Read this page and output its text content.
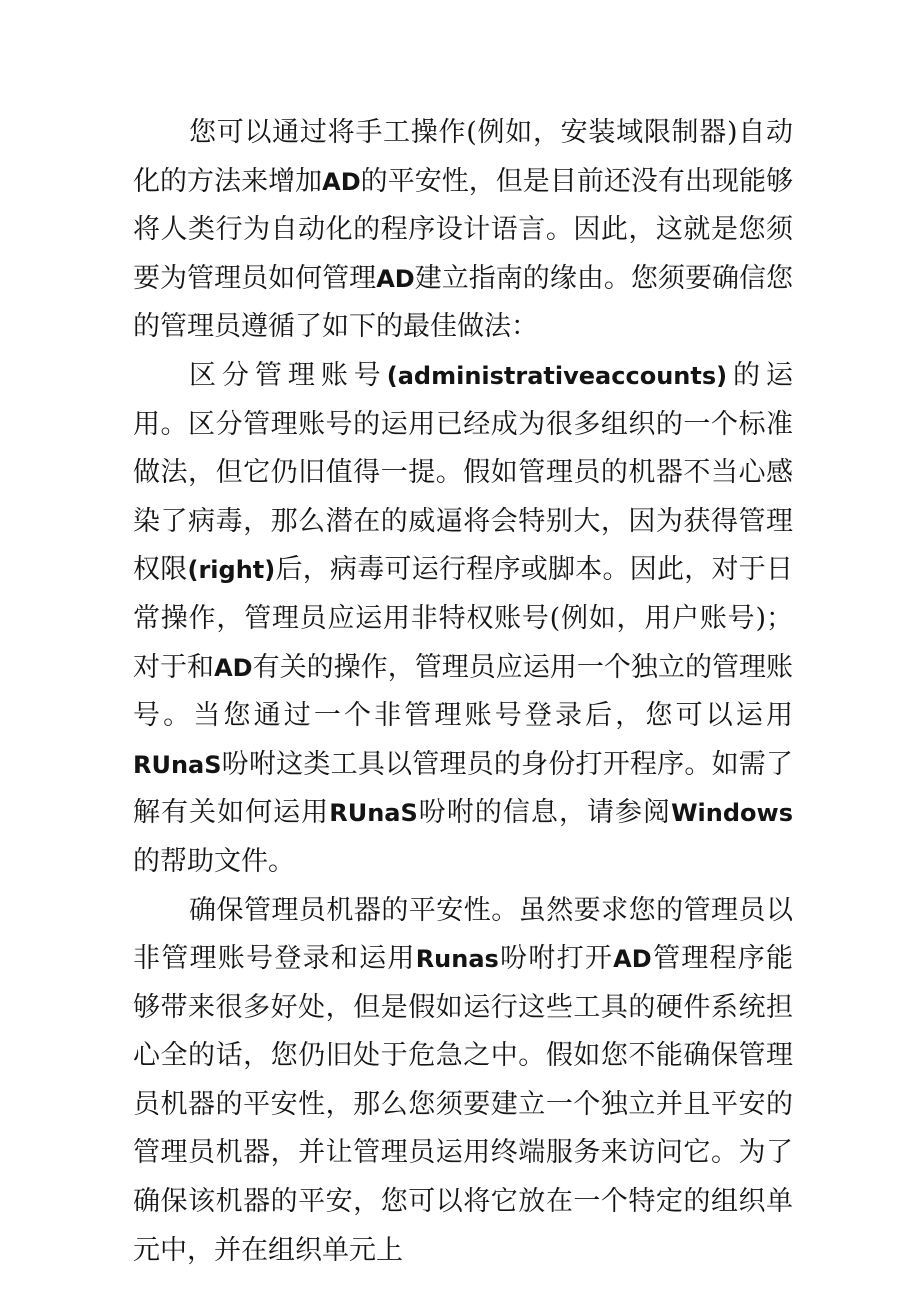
您可以通过将手工操作(例如，安装域限制器)自动化的方法来增加AD的平安性，但是目前还没有出现能够将人类行为自动化的程序设计语言。因此，这就是您须要为管理员如何管理AD建立指南的缘由。您须要确信您的管理员遵循了如下的最佳做法：

区分管理账号(administrativeaccounts)的运用。区分管理账号的运用已经成为很多组织的一个标准做法，但它仍旧值得一提。假如管理员的机器不当心感染了病毒，那么潜在的威逼将会特别大，因为获得管理权限(right)后，病毒可运行程序或脚本。因此，对于日常操作，管理员应运用非特权账号(例如，用户账号)；对于和AD有关的操作，管理员应运用一个独立的管理账号。当您通过一个非管理账号登录后，您可以运用RUnaS吩咐这类工具以管理员的身份打开程序。如需了解有关如何运用RUnaS吩咐的信息，请参阅Windows的帮助文件。

确保管理员机器的平安性。虽然要求您的管理员以非管理账号登录和运用Runas吩咐打开AD管理程序能够带来很多好处，但是假如运行这些工具的硬件系统担心全的话，您仍旧处于危急之中。假如您不能确保管理员机器的平安性，那么您须要建立一个独立并且平安的管理员机器，并让管理员运用终端服务来访问它。为了确保该机器的平安，您可以将它放在一个特定的组织单元中，并在组织单元上
